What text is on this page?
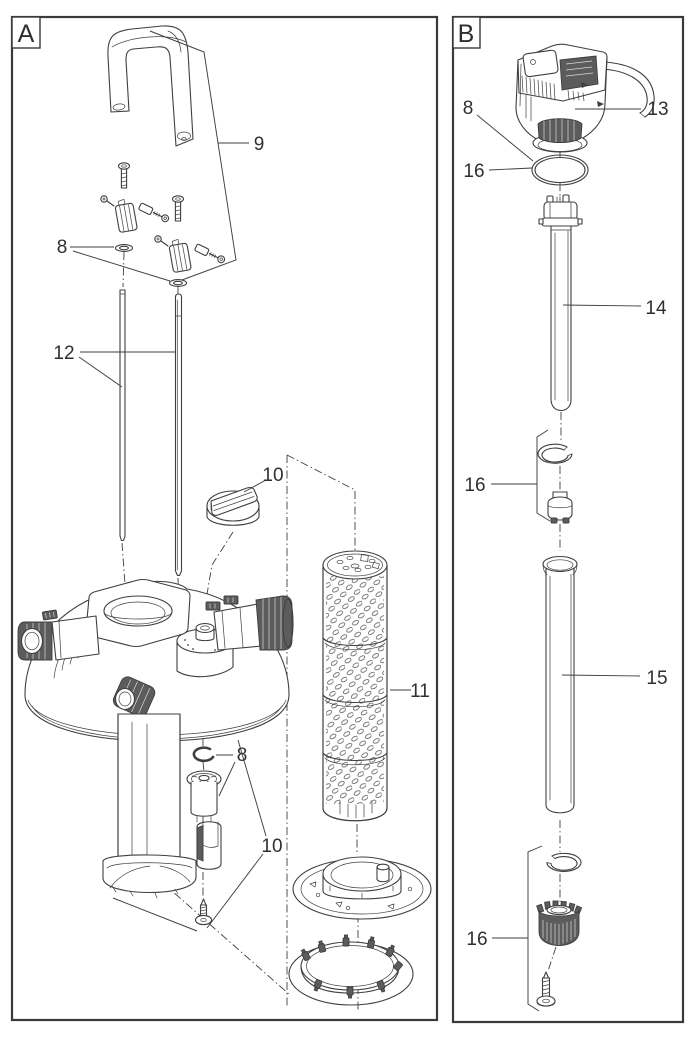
9
8
12
10
11
8
10
A
8
16
13
14
16
15
16
B
